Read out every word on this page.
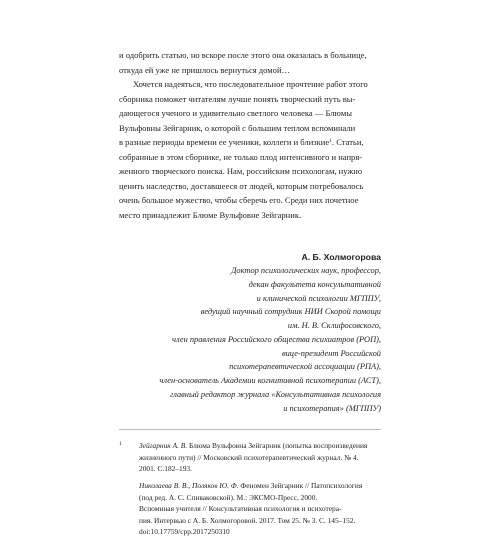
и одобрить статью, но вскоре после этого она оказалась в больнице,
откуда ей уже не пришлось вернуться домой…

Хочется надеяться, что последовательное прочтение работ этого
сборника поможет читателям лучше понять творческий путь вы-
дающегося ученого и удивительно светлого человека — Блюмы
Вульфовны Зейгарник, о которой с большим теплом вспоминали
в разные периоды времени ее ученики, коллеги и близкие$^1$. Статьи,
собранные в этом сборнике, не только плод интенсивного и напря-
женного творческого поиска. Нам, российским психологам, нужно
ценить наследство, доставшееся от людей, которым потребовалось
очень большое мужество, чтобы сберечь его. Среди них почетное
место принадлежит Блюме Вульфовне Зейгарник.

А. Б. Холмогорова
Доктор психологических наук, профессор,
декан факультета консультативной
и клинической психологии МГППУ,
ведущий научный сотрудник НИИ Скорой помощи
им. Н. В. Склифосовского,
член правления Российского общества психиатров (РОП),
вице-президент Российской
психотерапевтической ассоциации (РПА),
член-основатель Академии когнитивной психотерапии (АСТ),
главный редактор журнала «Консультативная психология
и психотерапия» (МГППУ)
1 Зейгарник А. В. Блюма Вульфовна Зейгарник (попытка воспроизведения
жизненного пути) // Московский психотерапевтический журнал. № 4.
2001. С.182–193.
Николаева В. В., Поляков Ю. Ф. Феномен Зейгарник // Патопсихология
(под ред. А. С. Спиваковской). М.: ЭКСМО-Пресс, 2000.
Вспоминая учителя // Консультативная психология и психотера-
пия. Интервью с А. Б. Холмогоровой. 2017. Том 25. № 3. С. 145–152.
doi:10.17759/cpp.2017250310
